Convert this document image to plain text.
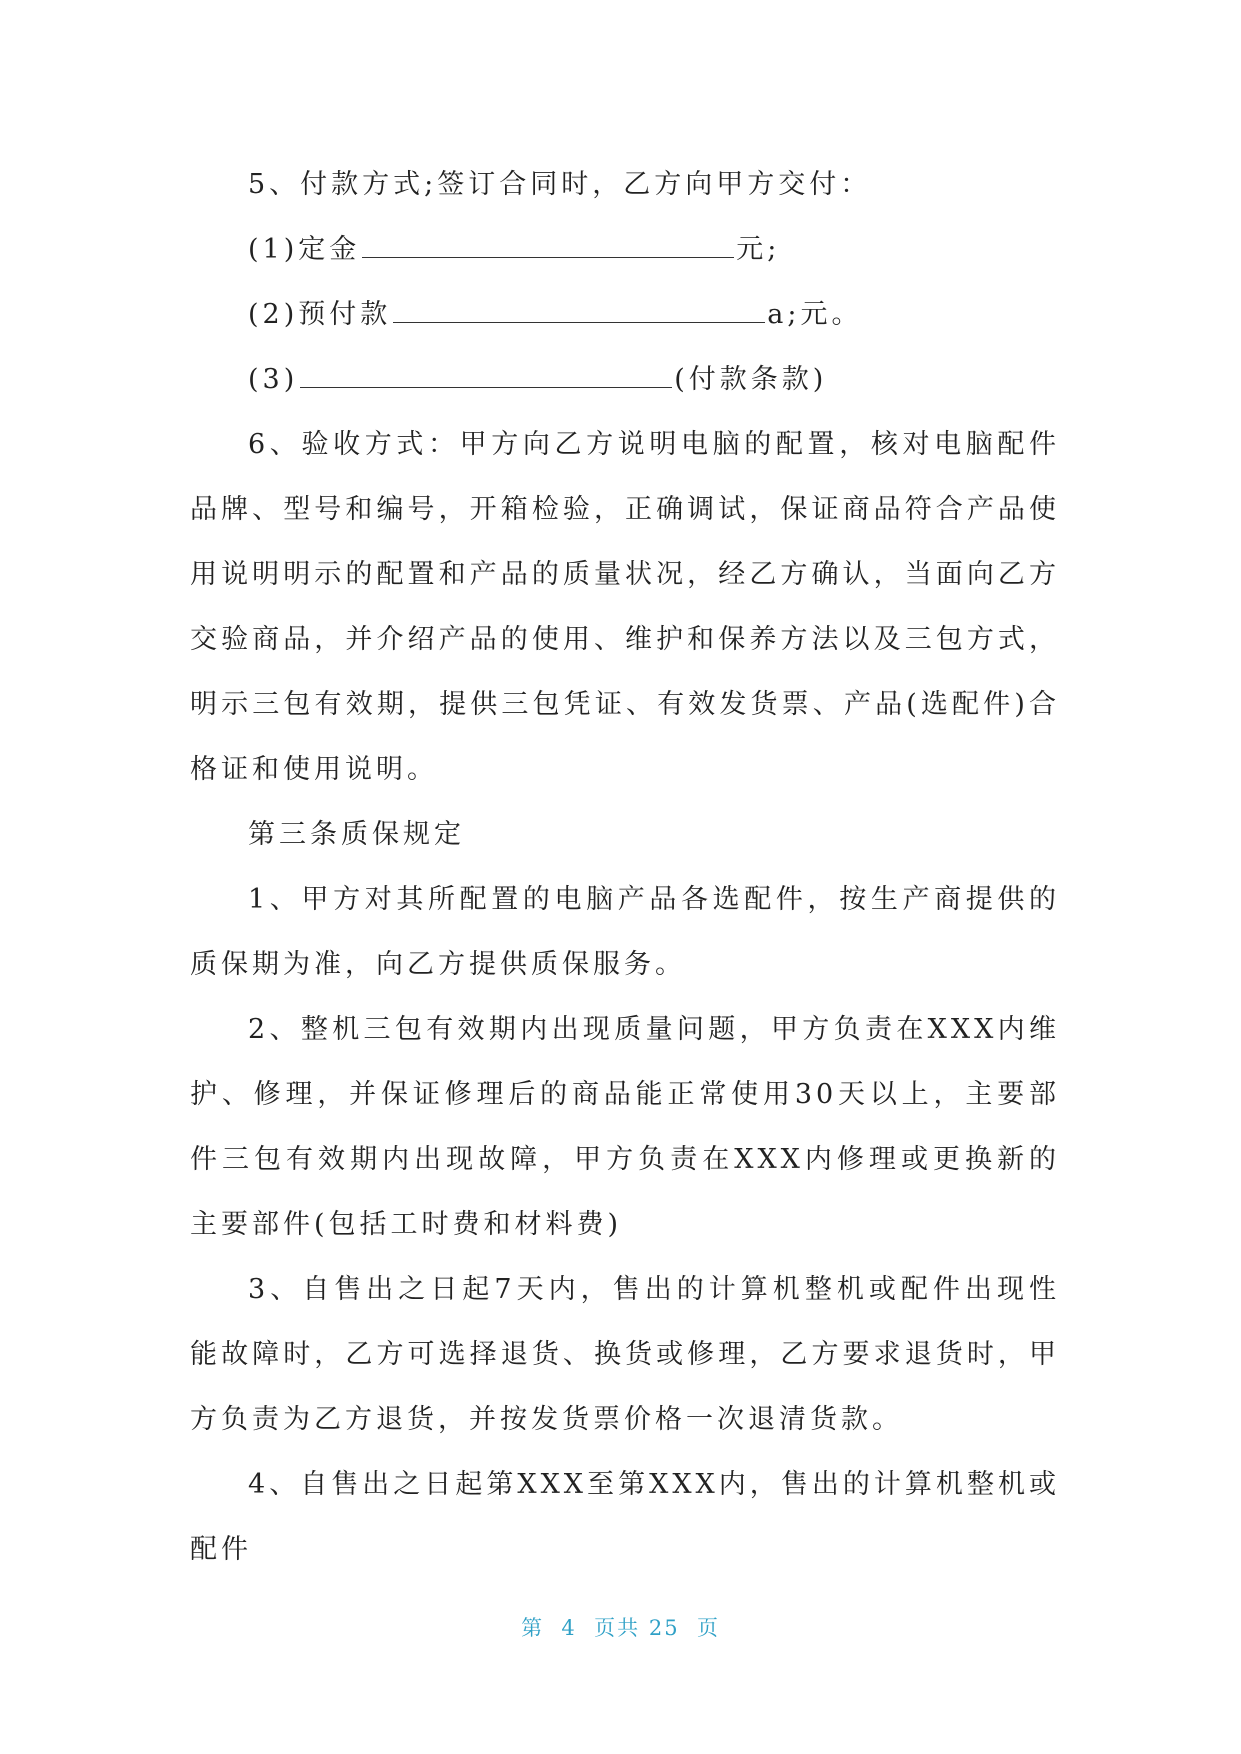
5、付款方式;签订合同时，乙方向甲方交付：

(1)定金	元;

(2)预付款	a;元。

(3)	(付款条款)

6、验收方式：甲方向乙方说明电脑的配置，核对电脑配件品牌、型号和编号，开箱检验，正确调试，保证商品符合产品使用说明明示的配置和产品的质量状况，经乙方确认，当面向乙方交验商品，并介绍产品的使用、维护和保养方法以及三包方式，明示三包有效期，提供三包凭证、有效发货票、产品(选配件)合格证和使用说明。

第三条质保规定

1、甲方对其所配置的电脑产品各选配件，按生产商提供的质保期为准，向乙方提供质保服务。

2、整机三包有效期内出现质量问题，甲方负责在XXX内维护、修理，并保证修理后的商品能正常使用30天以上，主要部件三包有效期内出现故障，甲方负责在XXX内修理或更换新的主要部件(包括工时费和材料费)

3、自售出之日起7天内，售出的计算机整机或配件出现性能故障时，乙方可选择退货、换货或修理，乙方要求退货时，甲方负责为乙方退货，并按发货票价格一次退清货款。

4、自售出之日起第XXX至第XXX内，售出的计算机整机或配件

第 4 页共 25 页
